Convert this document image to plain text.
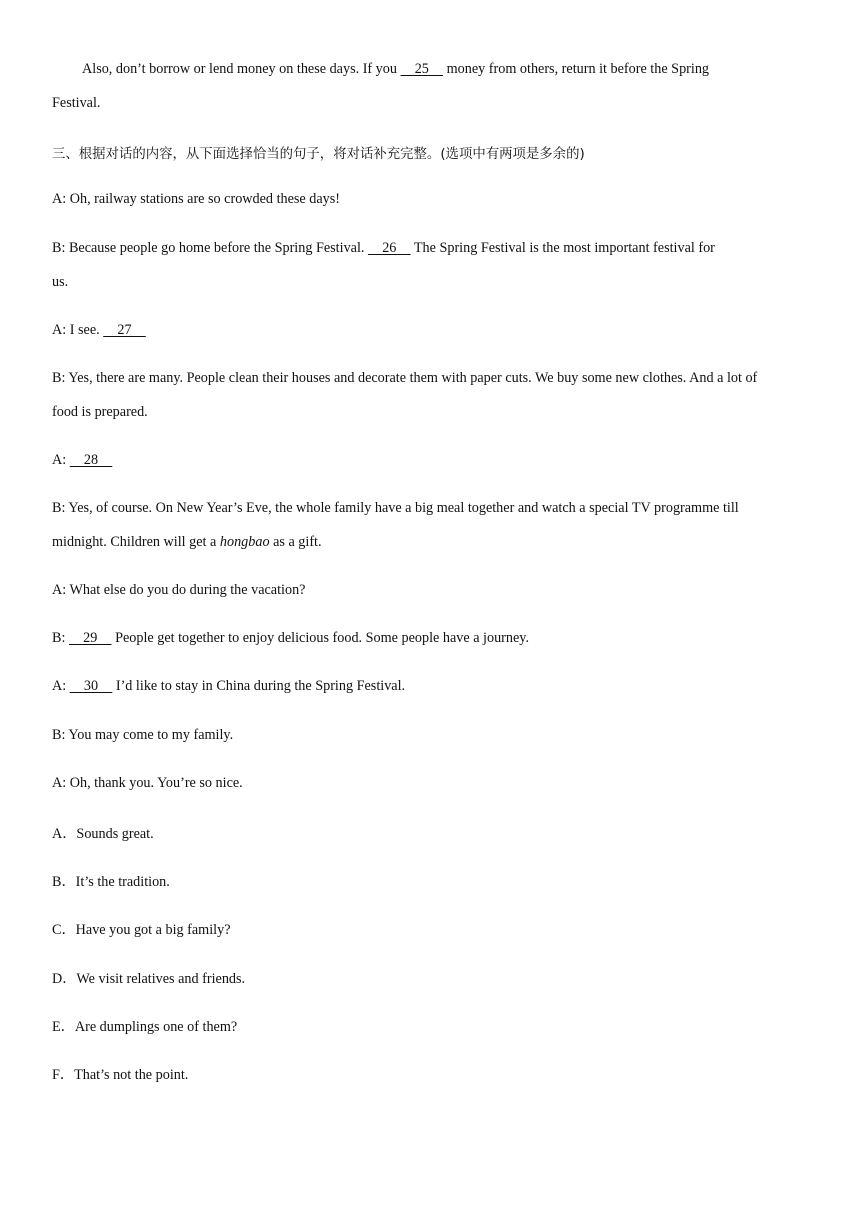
Also, don’t borrow or lend money on these days. If you     25     money from others, return it before the Spring
Festival.
三、根据对话的内容，从下面选择恰当的句子，将对话补充完整。(选项中有两项是多余的)
A: Oh, railway stations are so crowded these days!
B: Because people go home before the Spring Festival.     26     The Spring Festival is the most important festival for
us.
A: I see.     27
B: Yes, there are many. People clean their houses and decorate them with paper cuts. We buy some new clothes. And a lot of
food is prepared.
A:     28
B: Yes, of course. On New Year’s Eve, the whole family have a big meal together and watch a special TV programme till
midnight. Children will get a hongbao as a gift.
A: What else do you do during the vacation?
B:     29     People get together to enjoy delicious food. Some people have a journey.
A:     30     I’d like to stay in China during the Spring Festival.
B: You may come to my family.
A: Oh, thank you. You’re so nice.
A．Sounds great.
B．It’s the tradition.
C．Have you got a big family?
D．We visit relatives and friends.
E．Are dumplings one of them?
F．That’s not the point.
